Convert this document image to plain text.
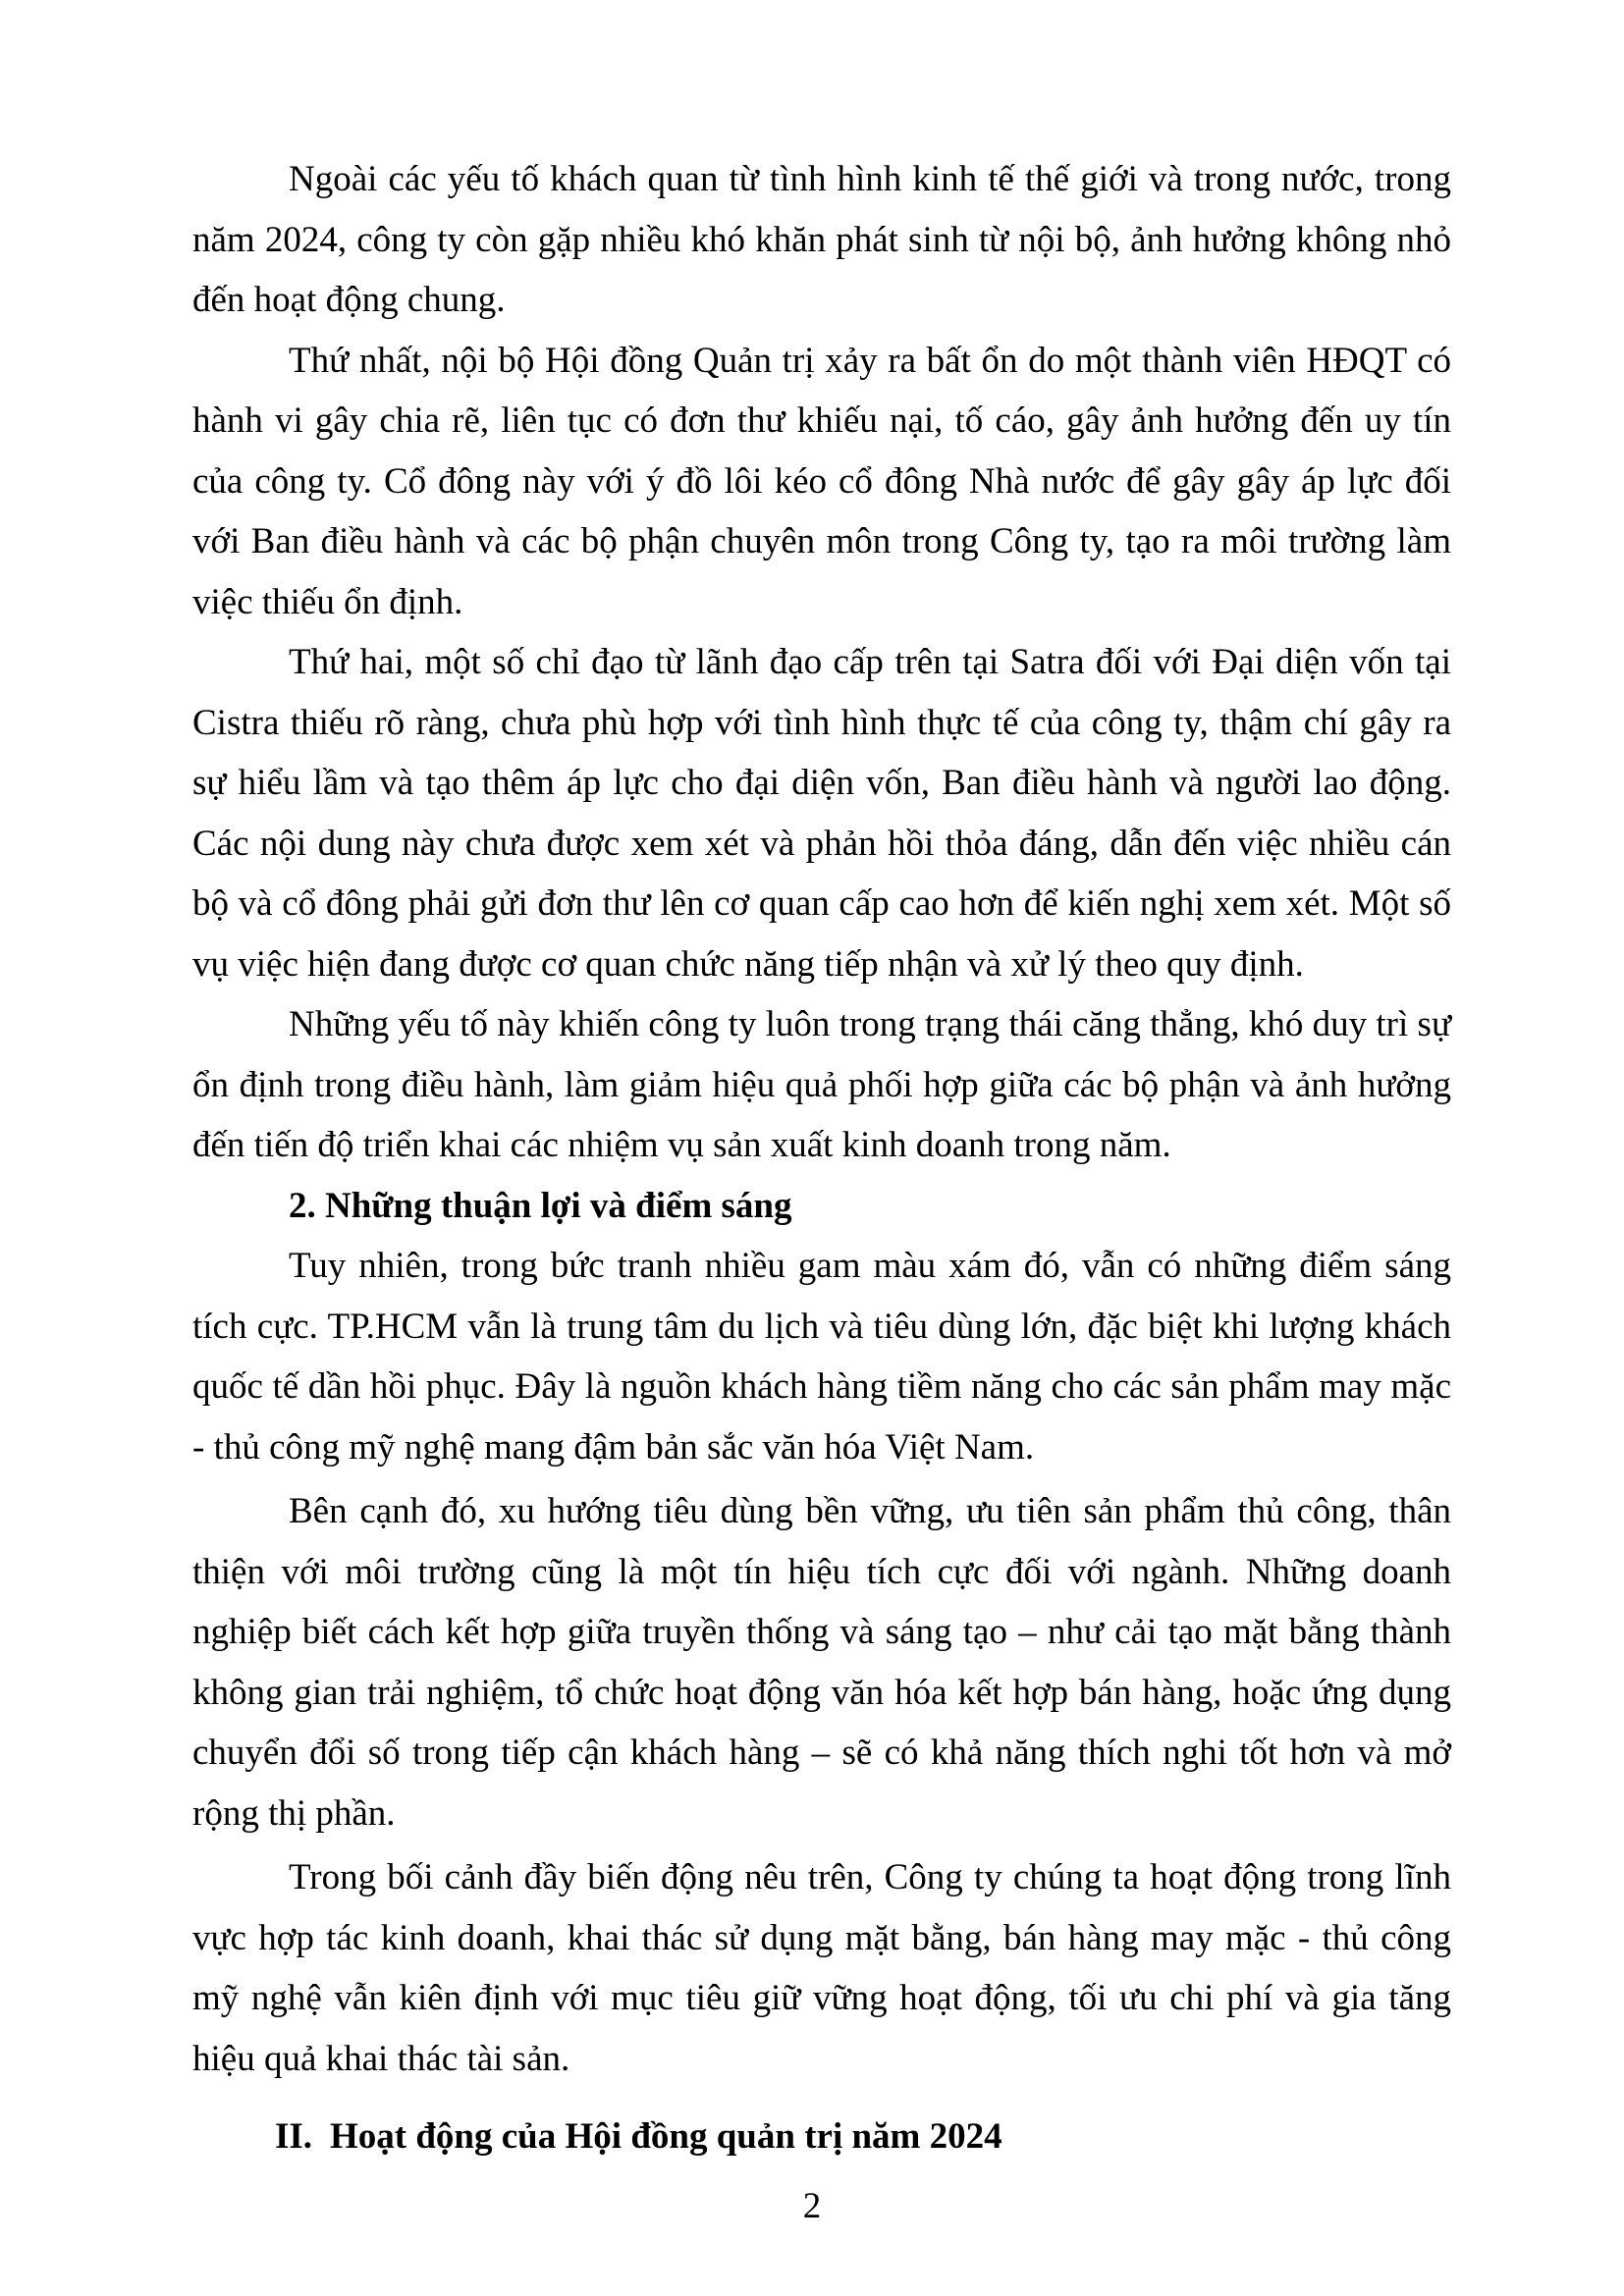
Ngoài các yếu tố khách quan từ tình hình kinh tế thế giới và trong nước, trong năm 2024, công ty còn gặp nhiều khó khăn phát sinh từ nội bộ, ảnh hưởng không nhỏ đến hoạt động chung.

Thứ nhất, nội bộ Hội đồng Quản trị xảy ra bất ổn do một thành viên HĐQT có hành vi gây chia rẽ, liên tục có đơn thư khiếu nại, tố cáo, gây ảnh hưởng đến uy tín của công ty. Cổ đông này với ý đồ lôi kéo cổ đông Nhà nước để gây gây áp lực đối với Ban điều hành và các bộ phận chuyên môn trong Công ty, tạo ra môi trường làm việc thiếu ổn định.

Thứ hai, một số chỉ đạo từ lãnh đạo cấp trên tại Satra đối với Đại diện vốn tại Cistra thiếu rõ ràng, chưa phù hợp với tình hình thực tế của công ty, thậm chí gây ra sự hiểu lầm và tạo thêm áp lực cho đại diện vốn, Ban điều hành và người lao động. Các nội dung này chưa được xem xét và phản hồi thỏa đáng, dẫn đến việc nhiều cán bộ và cổ đông phải gửi đơn thư lên cơ quan cấp cao hơn để kiến nghị xem xét. Một số vụ việc hiện đang được cơ quan chức năng tiếp nhận và xử lý theo quy định.

Những yếu tố này khiến công ty luôn trong trạng thái căng thẳng, khó duy trì sự ổn định trong điều hành, làm giảm hiệu quả phối hợp giữa các bộ phận và ảnh hưởng đến tiến độ triển khai các nhiệm vụ sản xuất kinh doanh trong năm.

2. Những thuận lợi và điểm sáng

Tuy nhiên, trong bức tranh nhiều gam màu xám đó, vẫn có những điểm sáng tích cực. TP.HCM vẫn là trung tâm du lịch và tiêu dùng lớn, đặc biệt khi lượng khách quốc tế dần hồi phục. Đây là nguồn khách hàng tiềm năng cho các sản phẩm may mặc - thủ công mỹ nghệ mang đậm bản sắc văn hóa Việt Nam.

Bên cạnh đó, xu hướng tiêu dùng bền vững, ưu tiên sản phẩm thủ công, thân thiện với môi trường cũng là một tín hiệu tích cực đối với ngành. Những doanh nghiệp biết cách kết hợp giữa truyền thống và sáng tạo – như cải tạo mặt bằng thành không gian trải nghiệm, tổ chức hoạt động văn hóa kết hợp bán hàng, hoặc ứng dụng chuyển đổi số trong tiếp cận khách hàng – sẽ có khả năng thích nghi tốt hơn và mở rộng thị phần.

Trong bối cảnh đầy biến động nêu trên, Công ty chúng ta hoạt động trong lĩnh vực hợp tác kinh doanh, khai thác sử dụng mặt bằng, bán hàng may mặc - thủ công mỹ nghệ vẫn kiên định với mục tiêu giữ vững hoạt động, tối ưu chi phí và gia tăng hiệu quả khai thác tài sản.

II. Hoạt động của Hội đồng quản trị năm 2024

2
